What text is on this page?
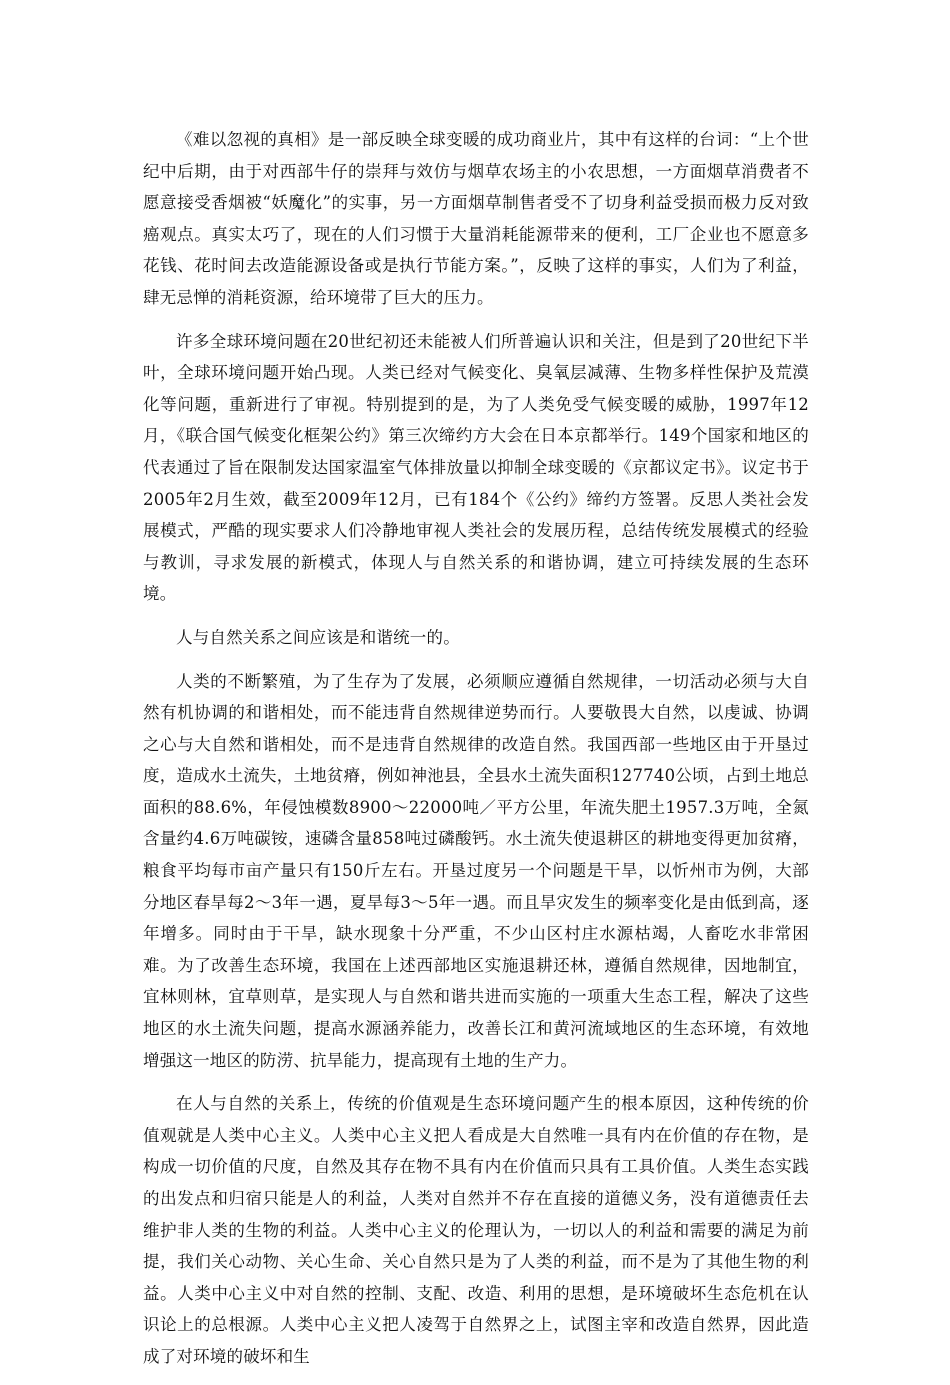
《难以忽视的真相》是一部反映全球变暖的成功商业片，其中有这样的台词：“上个世纪中后期，由于对西部牛仔的崇拜与效仿与烟草农场主的小农思想，一方面烟草消费者不愿意接受香烟被“妖魔化”的实事，另一方面烟草制售者受不了切身利益受损而极力反对致癌观点。真实太巧了，现在的人们习惯于大量消耗能源带来的便利，工厂企业也不愿意多花钱、花时间去改造能源设备或是执行节能方案。”，反映了这样的事实，人们为了利益，肆无忌惮的消耗资源，给环境带了巨大的压力。

许多全球环境问题在20世纪初还未能被人们所普遍认识和关注，但是到了20世纪下半叶，全球环境问题开始凸现。人类已经对气候变化、臭氧层减薄、生物多样性保护及荒漠化等问题，重新进行了审视。特别提到的是，为了人类免受气候变暖的威胁，1997年12月，《联合国气候变化框架公约》第三次缔约方大会在日本京都举行。149个国家和地区的代表通过了旨在限制发达国家温室气体排放量以抑制全球变暖的《京都议定书》。议定书于2005年2月生效，截至2009年12月，已有184个《公约》缔约方签署。反思人类社会发展模式，严酷的现实要求人们冷静地审视人类社会的发展历程，总结传统发展模式的经验与教训，寻求发展的新模式，体现人与自然关系的和谐协调，建立可持续发展的生态环境。

人与自然关系之间应该是和谐统一的。

人类的不断繁殖，为了生存为了发展，必须顺应遵循自然规律，一切活动必须与大自然有机协调的和谐相处，而不能违背自然规律逆势而行。人要敬畏大自然，以虔诚、协调之心与大自然和谐相处，而不是违背自然规律的改造自然。我国西部一些地区由于开垦过度，造成水土流失，土地贫瘠，例如神池县，全县水土流失面积127740公顷，占到土地总面积的88.6%，年侵蚀模数8900～22000吨／平方公里，年流失肥土1957.3万吨，全氮含量约4.6万吨碳铵，速磷含量858吨过磷酸钙。水土流失使退耕区的耕地变得更加贫瘠，粮食平均每市亩产量只有150斤左右。开垦过度另一个问题是干旱，以忻州市为例，大部分地区春旱每2～3年一遇，夏旱每3～5年一遇。而且旱灾发生的频率变化是由低到高，逐年增多。同时由于干旱，缺水现象十分严重，不少山区村庄水源枯竭，人畜吃水非常困难。为了改善生态环境，我国在上述西部地区实施退耕还林，遵循自然规律，因地制宜，宜林则林，宜草则草，是实现人与自然和谐共进而实施的一项重大生态工程，解决了这些地区的水土流失问题，提高水源涵养能力，改善长江和黄河流域地区的生态环境，有效地增强这一地区的防涝、抗旱能力，提高现有土地的生产力。

在人与自然的关系上，传统的价值观是生态环境问题产生的根本原因，这种传统的价值观就是人类中心主义。人类中心主义把人看成是大自然唯一具有内在价值的存在物，是构成一切价值的尺度，自然及其存在物不具有内在价值而只具有工具价值。人类生态实践的出发点和归宿只能是人的利益，人类对自然并不存在直接的道德义务，没有道德责任去维护非人类的生物的利益。人类中心主义的伦理认为，一切以人的利益和需要的满足为前提，我们关心动物、关心生命、关心自然只是为了人类的利益，而不是为了其他生物的利益。人类中心主义中对自然的控制、支配、改造、利用的思想，是环境破坏生态危机在认识论上的总根源。人类中心主义把人凌驾于自然界之上，试图主宰和改造自然界，因此造成了对环境的破坏和生
